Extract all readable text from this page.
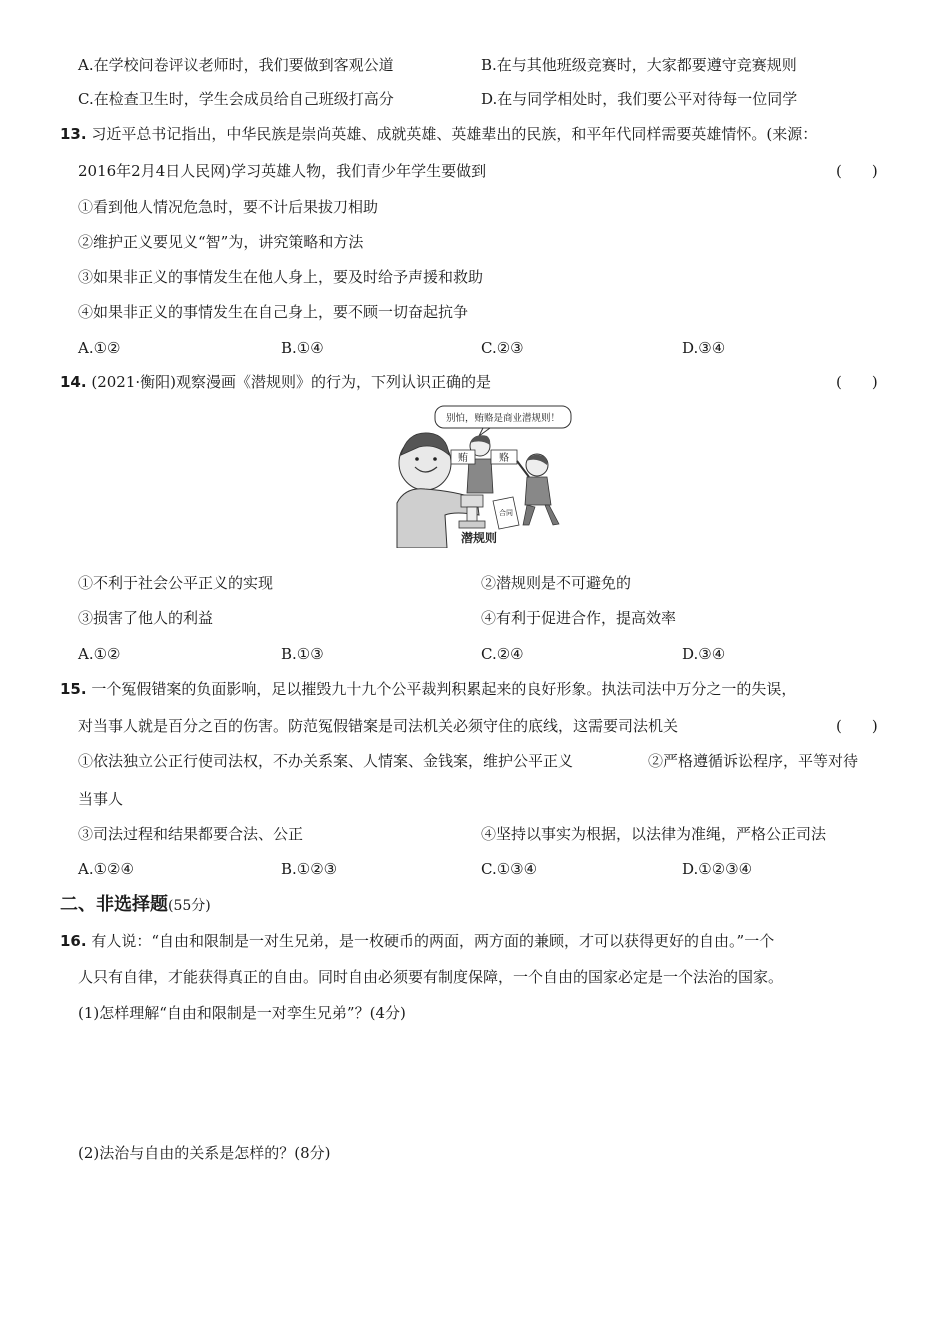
A.在学校问卷评议老师时，我们要做到客观公道	B.在与其他班级竞赛时，大家都要遵守竞赛规则
C.在检查卫生时，学生会成员给自己班级打高分	D.在与同学相处时，我们要公平对待每一位同学
13. 习近平总书记指出，中华民族是崇尚英雄、成就英雄、英雄辈出的民族，和平年代同样需要英雄情怀。(来源：
2016年2月4日人民网)学习英雄人物，我们青少年学生要做到	(　　)
①看到他人情况危急时，要不计后果拔刀相助
②维护正义要见义“智”为，讲究策略和方法
③如果非正义的事情发生在他人身上，要及时给予声援和救助
④如果非正义的事情发生在自己身上，要不顾一切奋起抗争
A.①②	B.①④	C.②③	D.③④
14. (2021·衡阳)观察漫画《潜规则》的行为，下列认识正确的是	(　　)
别怕，贿赂是商业潜规则！
贿	赂
合同
潜规则
①不利于社会公平正义的实现	②潜规则是不可避免的
③损害了他人的利益	④有利于促进合作，提高效率
A.①②	B.①③	C.②④	D.③④
15. 一个冤假错案的负面影响，足以摧毁九十九个公平裁判积累起来的良好形象。执法司法中万分之一的失误，
对当事人就是百分之百的伤害。防范冤假错案是司法机关必须守住的底线，这需要司法机关	(　　)
①依法独立公正行使司法权，不办关系案、人情案、金钱案，维护公平正义	②严格遵循诉讼程序，平等对待
当事人
③司法过程和结果都要合法、公正	④坚持以事实为根据，以法律为准绳，严格公正司法
A.①②④	B.①②③	C.①③④	D.①②③④
二、非选择题(55分)
16. 有人说：“自由和限制是一对生兄弟，是一枚硬币的两面，两方面的兼顾，才可以获得更好的自由。”一个
人只有自律，才能获得真正的自由。同时自由必须要有制度保障，一个自由的国家必定是一个法治的国家。
(1)怎样理解“自由和限制是一对孪生兄弟”？(4分)
(2)法治与自由的关系是怎样的？(8分)
